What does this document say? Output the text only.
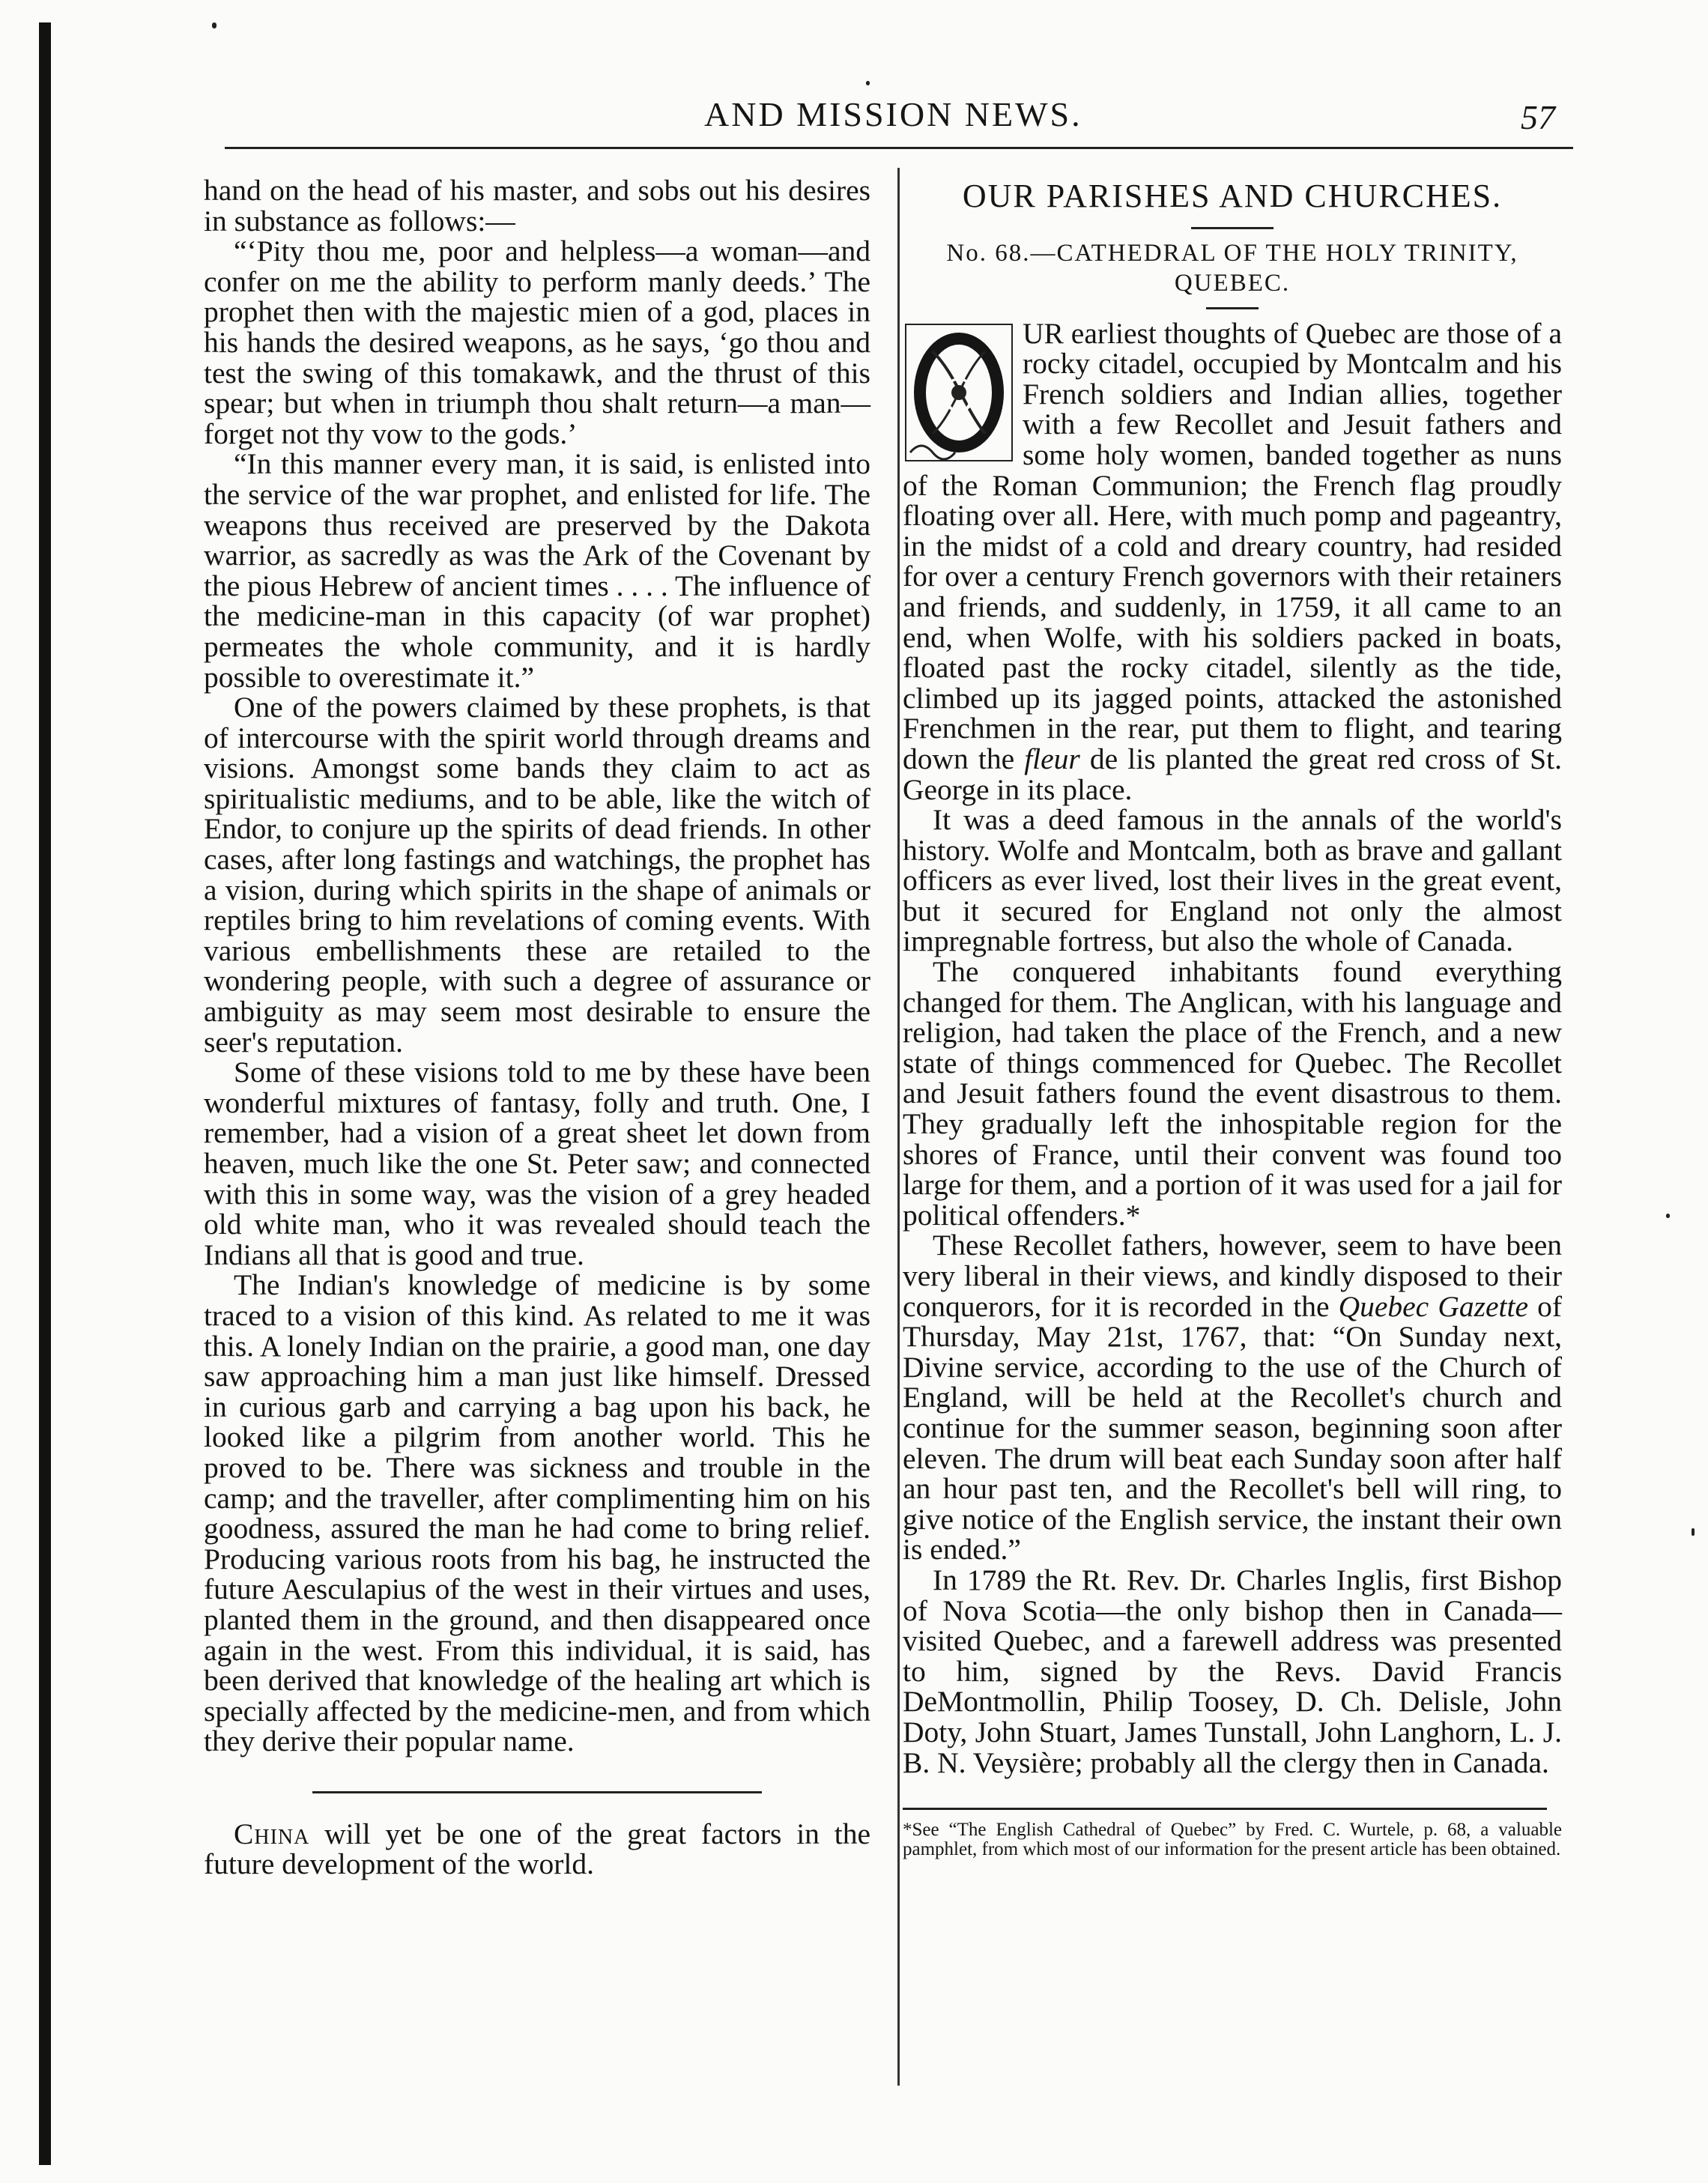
AND MISSION NEWS.	57

hand on the head of his master, and sobs out his desires in substance as follows:—

“‘Pity thou me, poor and helpless—a woman—and confer on me the ability to perform manly deeds.’ The prophet then with the majestic mien of a god, places in his hands the desired weapons, as he says, ‘go thou and test the swing of this tomakawk, and the thrust of this spear; but when in triumph thou shalt return—a man—forget not thy vow to the gods.’

“In this manner every man, it is said, is enlisted into the service of the war prophet, and enlisted for life. The weapons thus received are preserved by the Dakota warrior, as sacredly as was the Ark of the Covenant by the pious Hebrew of ancient times . . . . The influence of the medicine-man in this capacity (of war prophet) permeates the whole community, and it is hardly possible to overestimate it.”

One of the powers claimed by these prophets, is that of intercourse with the spirit world through dreams and visions. Amongst some bands they claim to act as spiritualistic mediums, and to be able, like the witch of Endor, to conjure up the spirits of dead friends. In other cases, after long fastings and watchings, the prophet has a vision, during which spirits in the shape of animals or reptiles bring to him revelations of coming events. With various embellishments these are retailed to the wondering people, with such a degree of assurance or ambiguity as may seem most desirable to ensure the seer's reputation.

Some of these visions told to me by these have been wonderful mixtures of fantasy, folly and truth. One, I remember, had a vision of a great sheet let down from heaven, much like the one St. Peter saw; and connected with this in some way, was the vision of a grey headed old white man, who it was revealed should teach the Indians all that is good and true.

The Indian's knowledge of medicine is by some traced to a vision of this kind. As related to me it was this. A lonely Indian on the prairie, a good man, one day saw approaching him a man just like himself. Dressed in curious garb and carrying a bag upon his back, he looked like a pilgrim from another world. This he proved to be. There was sickness and trouble in the camp; and the traveller, after complimenting him on his goodness, assured the man he had come to bring relief. Producing various roots from his bag, he instructed the future Aesculapius of the west in their virtues and uses, planted them in the ground, and then disappeared once again in the west. From this individual, it is said, has been derived that knowledge of the healing art which is specially affected by the medicine-men, and from which they derive their popular name.

China will yet be one of the great factors in the future development of the world.

OUR PARISHES AND CHURCHES.
No. 68.—CATHEDRAL OF THE HOLY TRINITY, QUEBEC.

O
UR earliest thoughts of Quebec are those of a rocky citadel, occupied by Montcalm and his French soldiers and Indian allies, together with a few Recollet and Jesuit fathers and some holy women, banded together as nuns of the Roman Communion; the French flag proudly floating over all. Here, with much pomp and pageantry, in the midst of a cold and dreary country, had resided for over a century French governors with their retainers and friends, and suddenly, in 1759, it all came to an end, when Wolfe, with his soldiers packed in boats, floated past the rocky citadel, silently as the tide, climbed up its jagged points, attacked the astonished Frenchmen in the rear, put them to flight, and tearing down the fleur de lis planted the great red cross of St. George in its place.

It was a deed famous in the annals of the world's history. Wolfe and Montcalm, both as brave and gallant officers as ever lived, lost their lives in the great event, but it secured for England not only the almost impregnable fortress, but also the whole of Canada.

The conquered inhabitants found everything changed for them. The Anglican, with his language and religion, had taken the place of the French, and a new state of things commenced for Quebec. The Recollet and Jesuit fathers found the event disastrous to them. They gradually left the inhospitable region for the shores of France, until their convent was found too large for them, and a portion of it was used for a jail for political offenders.*

These Recollet fathers, however, seem to have been very liberal in their views, and kindly disposed to their conquerors, for it is recorded in the Quebec Gazette of Thursday, May 21st, 1767, that: “On Sunday next, Divine service, according to the use of the Church of England, will be held at the Recollet's church and continue for the summer season, beginning soon after eleven. The drum will beat each Sunday soon after half an hour past ten, and the Recollet's bell will ring, to give notice of the English service, the instant their own is ended.”

In 1789 the Rt. Rev. Dr. Charles Inglis, first Bishop of Nova Scotia—the only bishop then in Canada—visited Quebec, and a farewell address was presented to him, signed by the Revs. David Francis DeMontmollin, Philip Toosey, D. Ch. Delisle, John Doty, John Stuart, James Tunstall, John Langhorn, L. J. B. N. Veysière; probably all the clergy then in Canada.

*See “The English Cathedral of Quebec” by Fred. C. Wurtele, p. 68, a valuable pamphlet, from which most of our information for the present article has been obtained.
